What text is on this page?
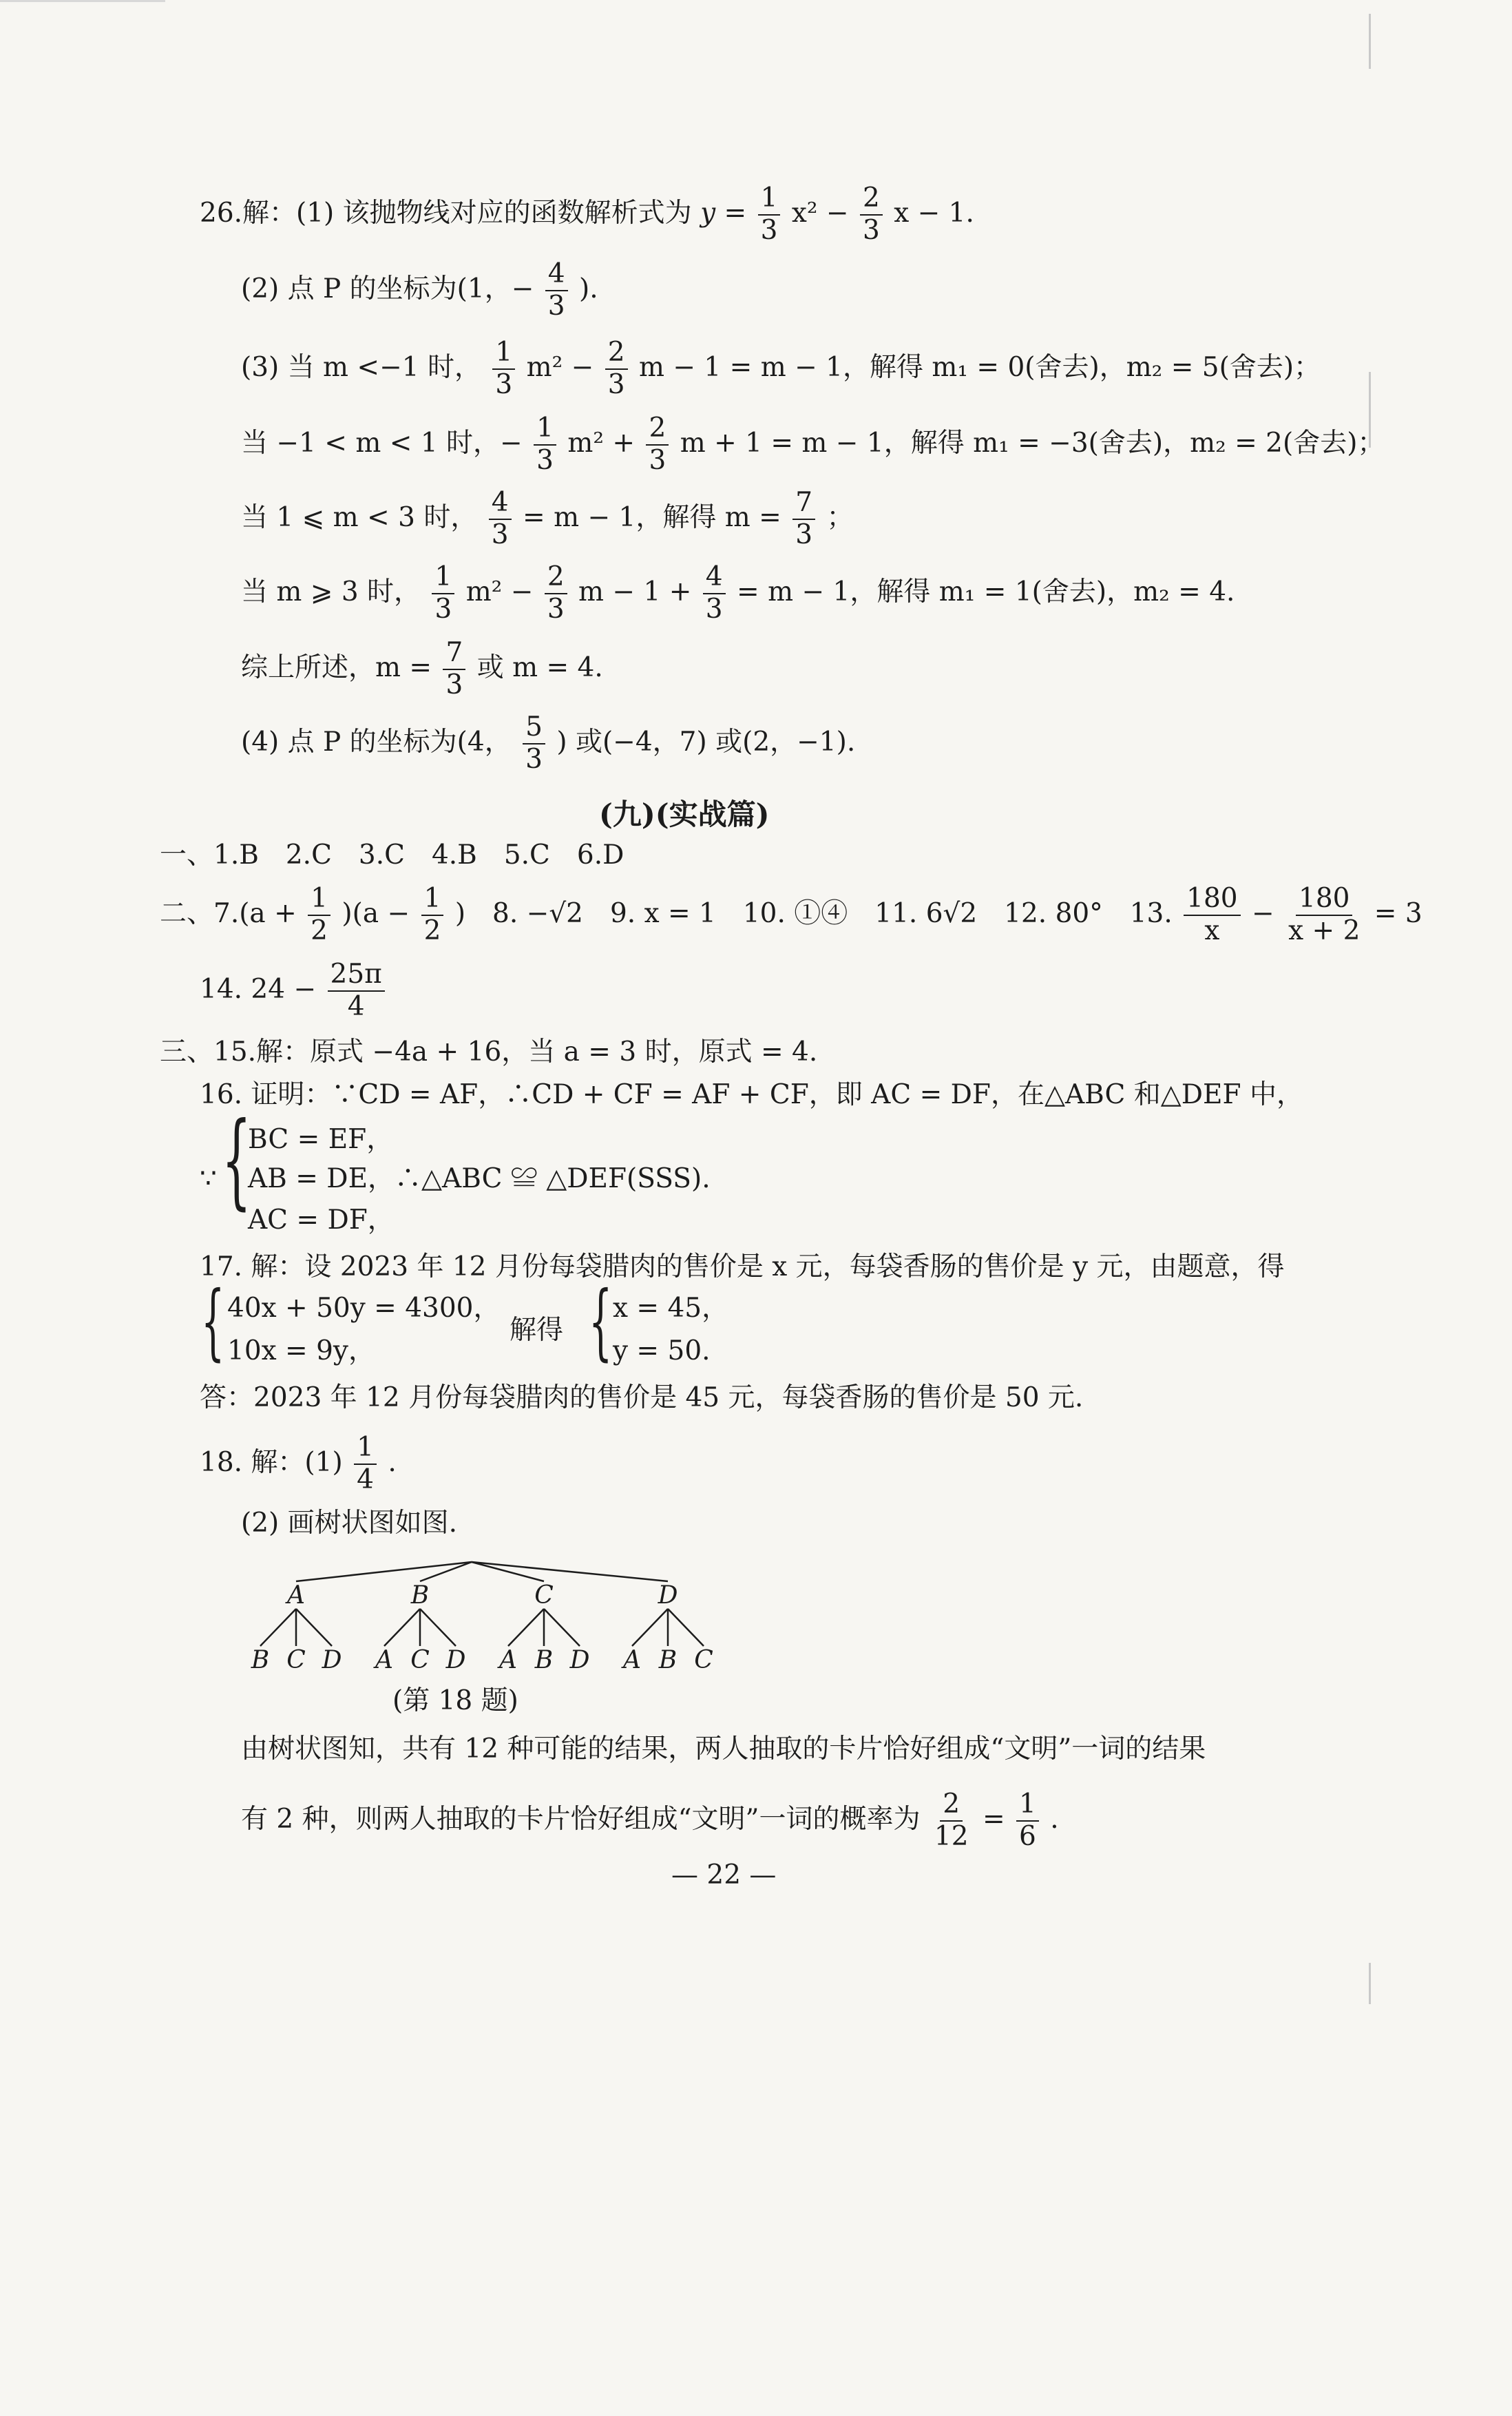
26.解：(1) 该抛物线对应的函数解析式为 $y = \frac{1}{3} x^2 - \frac{2}{3}$ x − 1.
(2) 点 P 的坐标为(1，− $\frac{4}{3}$ ).
(3) 当 m <−1 时， $\frac{1}{3} m^2 - \frac{2}{3}$ m − 1 = m − 1，解得 m₁ = 0(舍去)，m₂ = 5(舍去)；
当 −1 < m < 1 时，− $\frac{1}{3} m^2 + \frac{2}{3}$ m + 1 = m − 1，解得 m₁ = −3(舍去)，m₂ = 2(舍去)；
当 1 ⩽ m < 3 时， $\frac{4}{3} = m - 1$，解得 $m = \frac{7}{3}$ ；
当 m ⩾ 3 时， $\frac{1}{3} m^2 - \frac{2}{3}$ $m - 1 + \frac{4}{3} = m - 1$，解得 m₁ = 1(舍去)，m₂ = 4.
综上所述，$m = \frac{7}{3}$ 或 m = 4.
(4) 点 P 的坐标为(4， $\frac{5}{3}$ ) 或(−4，7) 或(2，−1).
(九)(实战篇)
一、1.B　2.C　3.C　4.B　5.C　6.D
二、$7.(a + \frac{1}{2} )(a - \frac{1}{2}$ )　8. −√2　9. x = 1　10. ①④　11. 6√2　12. 80°　13. $\frac{180}{x} - \frac{180}{x + 2} = 3$
14. $24 - \frac{25\pi}{4}$
三、15.解：原式 −4a + 16，当 a = 3 时，原式 = 4.
16. 证明：∵CD = AF，∴CD + CF = AF + CF，即 AC = DF，在△ABC 和△DEF 中，
∵ {
BC = EF，
AB = DE，∴△ABC ≌ △DEF(SSS).
AC = DF，
17. 解：设 2023 年 12 月份每袋腊肉的售价是 x 元，每袋香肠的售价是 y 元，由题意，得
{ 40x + 50y = 4300，
10x = 9y，
解得 { x = 45，
y = 50.
答：2023 年 12 月份每袋腊肉的售价是 45 元，每袋香肠的售价是 50 元.
18. 解：$(1) \frac{1}{4}$ .
(2) 画树状图如图.
A
B C D
B
A C D
C
A B D
D
A B C
(第 18 题)
由树状图知，共有 12 种可能的结果，两人抽取的卡片恰好组成“文明”一词的结果
有 2 种，则两人抽取的卡片恰好组成“文明”一词的概率为 $\frac{2}{12} = \frac{1}{6}$ .
— 22 —
